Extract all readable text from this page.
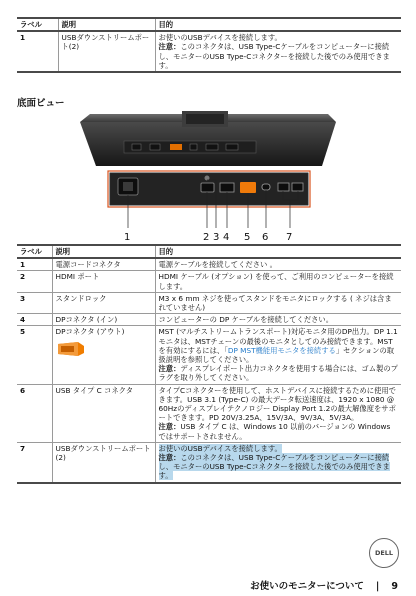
ラベル	説明	目的
1	USBダウンストリームポート(2)	お使いのUSBデバイスを接続します。
注意：このコネクタは、USB Type-Cケーブルをコンピューターに接続し、モニターのUSB Type-Cコネクターを接続した後でのみ使用できます。
底面ビュー
1	2 3 4 5 6 7
ラベル	説明	目的
1	電源コードコネクタ	電源ケーブルを接続してください 。
2	HDMI ポート	HDMI ケーブル (オプション) を使って、ご利用のコンピューターを接続します。
3	スタンドロック	M3 x 6 mm ネジを使ってスタンドをモニタにロックする ( ネジは含まれていません)
4	DPコネクタ (イン)	コンピューターの DP ケーブルを接続してください。
5	DPコネクタ (アウト)	MST (マルチストリームトランスポート)対応モニタ用のDP出力。DP 1.1モニタは、MSTチェーンの最後のモニタとしてのみ接続できます。MSTを有効にするには、「DP MST機能用モニタを接続する」セクションの取扱説明を参照してください。
注意：ディスプレイポート出力コネクタを使用する場合には、ゴム製のプラグを取り外してください。
6	USB タイプ C コネクタ	タイプCコネクターを使用して、ホストデバイスに接続するために使用できます。USB 3.1 (Type-C) の最大データ転送速度は、1920 x 1080 @ 60Hzのディスプレイテクノロジー Display Port 1.2の最大解像度をサポートできます。PD 20V/3.25A、15V/3A、9V/3A、5V/3A。
注意：USB タイプ C は、Windows 10 以前のバージョンの Windows ではサポートされません。
7	USBダウンストリームポート(2)	お使いのUSBデバイスを接続します。
注意：このコネクタは、USB Type-Cケーブルをコンピューターに接続し、モニターのUSB Type-Cコネクターを接続した後でのみ使用できます。
DELL
お使いのモニターについて | 9
